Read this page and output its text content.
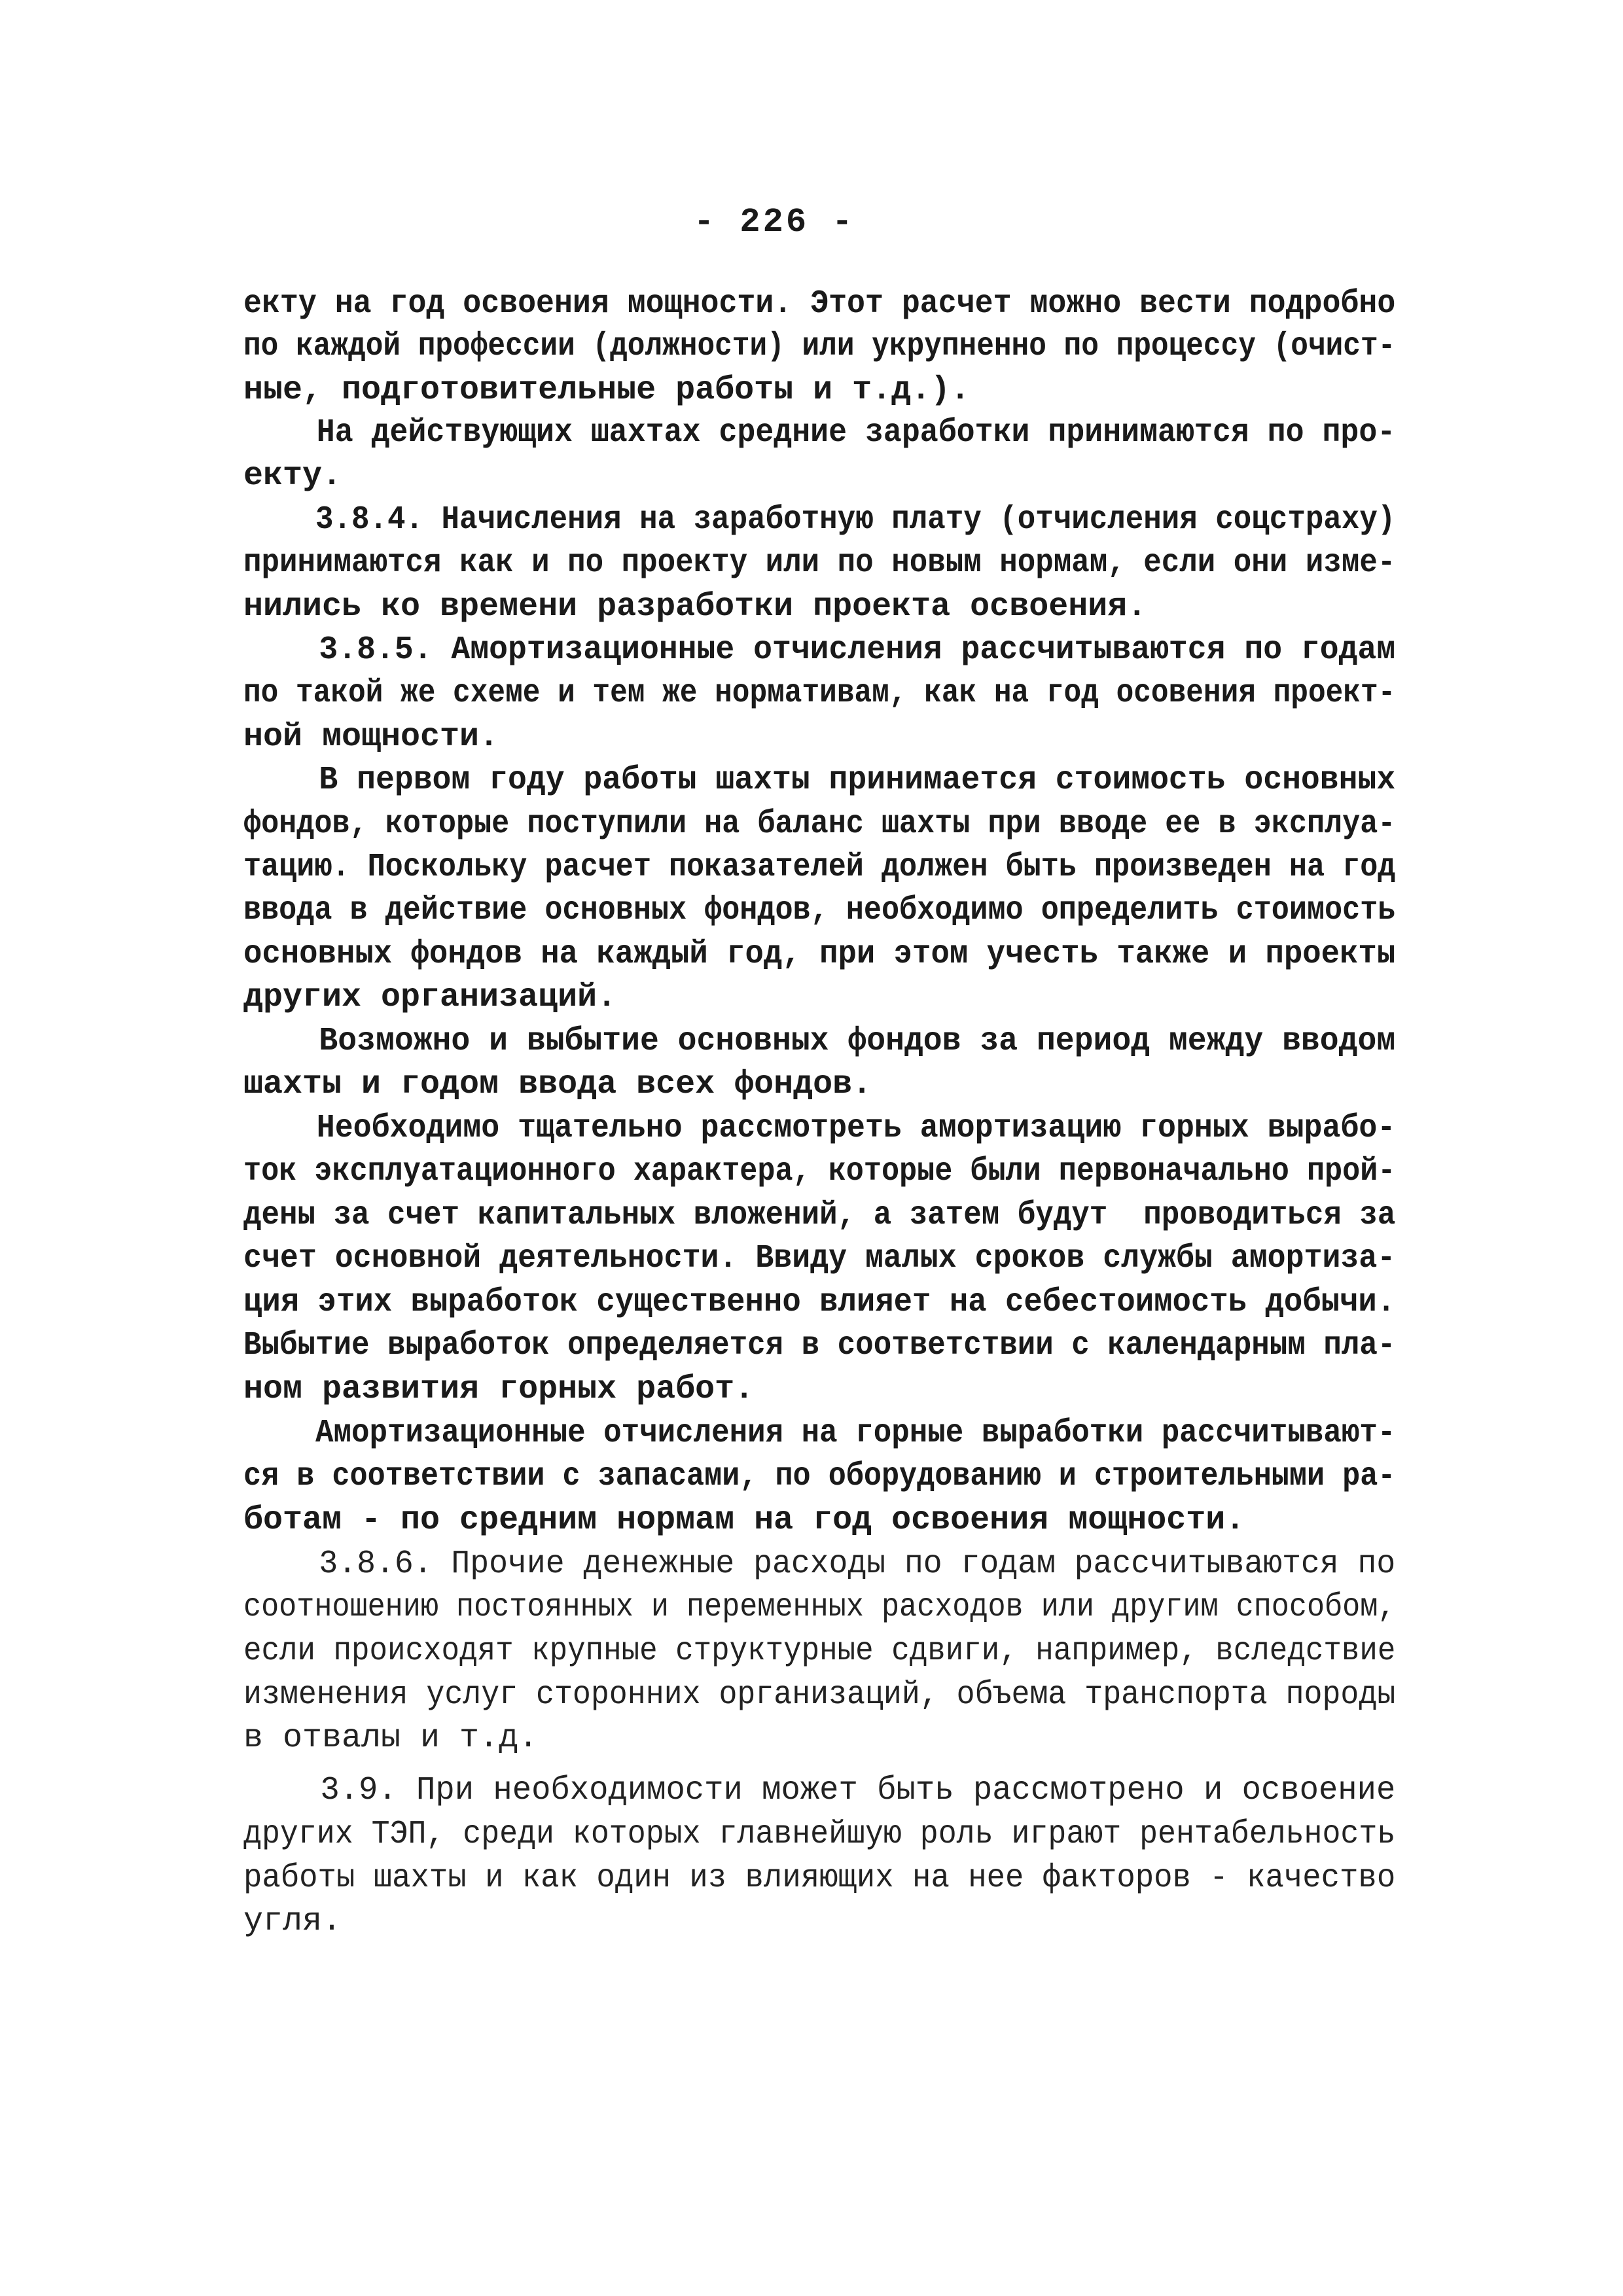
- 226 -
екту на год освоения мощности. Этот расчет можно вести подробно
по каждой профессии (должности) или укрупненно по процессу (очист-
ные, подготовительные работы и т.д.).
На действующих шахтах средние заработки принимаются по про-
екту.
3.8.4. Начисления на заработную плату (отчисления соцстраху)
принимаются как и по проекту или по новым нормам, если они изме-
нились ко времени разработки проекта освоения.
3.8.5. Амортизационные отчисления рассчитываются по годам
по такой же схеме и тем же нормативам, как на год осовения проект-
ной мощности.
В первом году работы шахты принимается стоимость основных
фондов, которые поступили на баланс шахты при вводе ее в эксплуа-
тацию. Поскольку расчет показателей должен быть произведен на год
ввода в действие основных фондов, необходимо определить стоимость
основных фондов на каждый год, при этом учесть также и проекты
других организаций.
Возможно и выбытие основных фондов за период между вводом
шахты и годом ввода всех фондов.
Необходимо тщательно рассмотреть амортизацию горных вырабо-
ток эксплуатационного характера, которые были первоначально прой-
дены за счет капитальных вложений, а затем будут  проводиться за
счет основной деятельности. Ввиду малых сроков службы амортиза-
ция этих выработок существенно влияет на себестоимость добычи.
Выбытие выработок определяется в соответствии с календарным пла-
ном развития горных работ.
Амортизационные отчисления на горные выработки рассчитывают-
ся в соответствии с запасами, по оборудованию и строительными ра-
ботам - по средним нормам на год освоения мощности.
3.8.6. Прочие денежные расходы по годам рассчитываются по
соотношению постоянных и переменных расходов или другим способом,
если происходят крупные структурные сдвиги, например, вследствие
изменения услуг сторонних организаций, объема транспорта породы
в отвалы и т.д.
3.9. При необходимости может быть рассмотрено и освоение
других ТЭП, среди которых главнейшую роль играют рентабельность
работы шахты и как один из влияющих на нее факторов - качество
угля.
